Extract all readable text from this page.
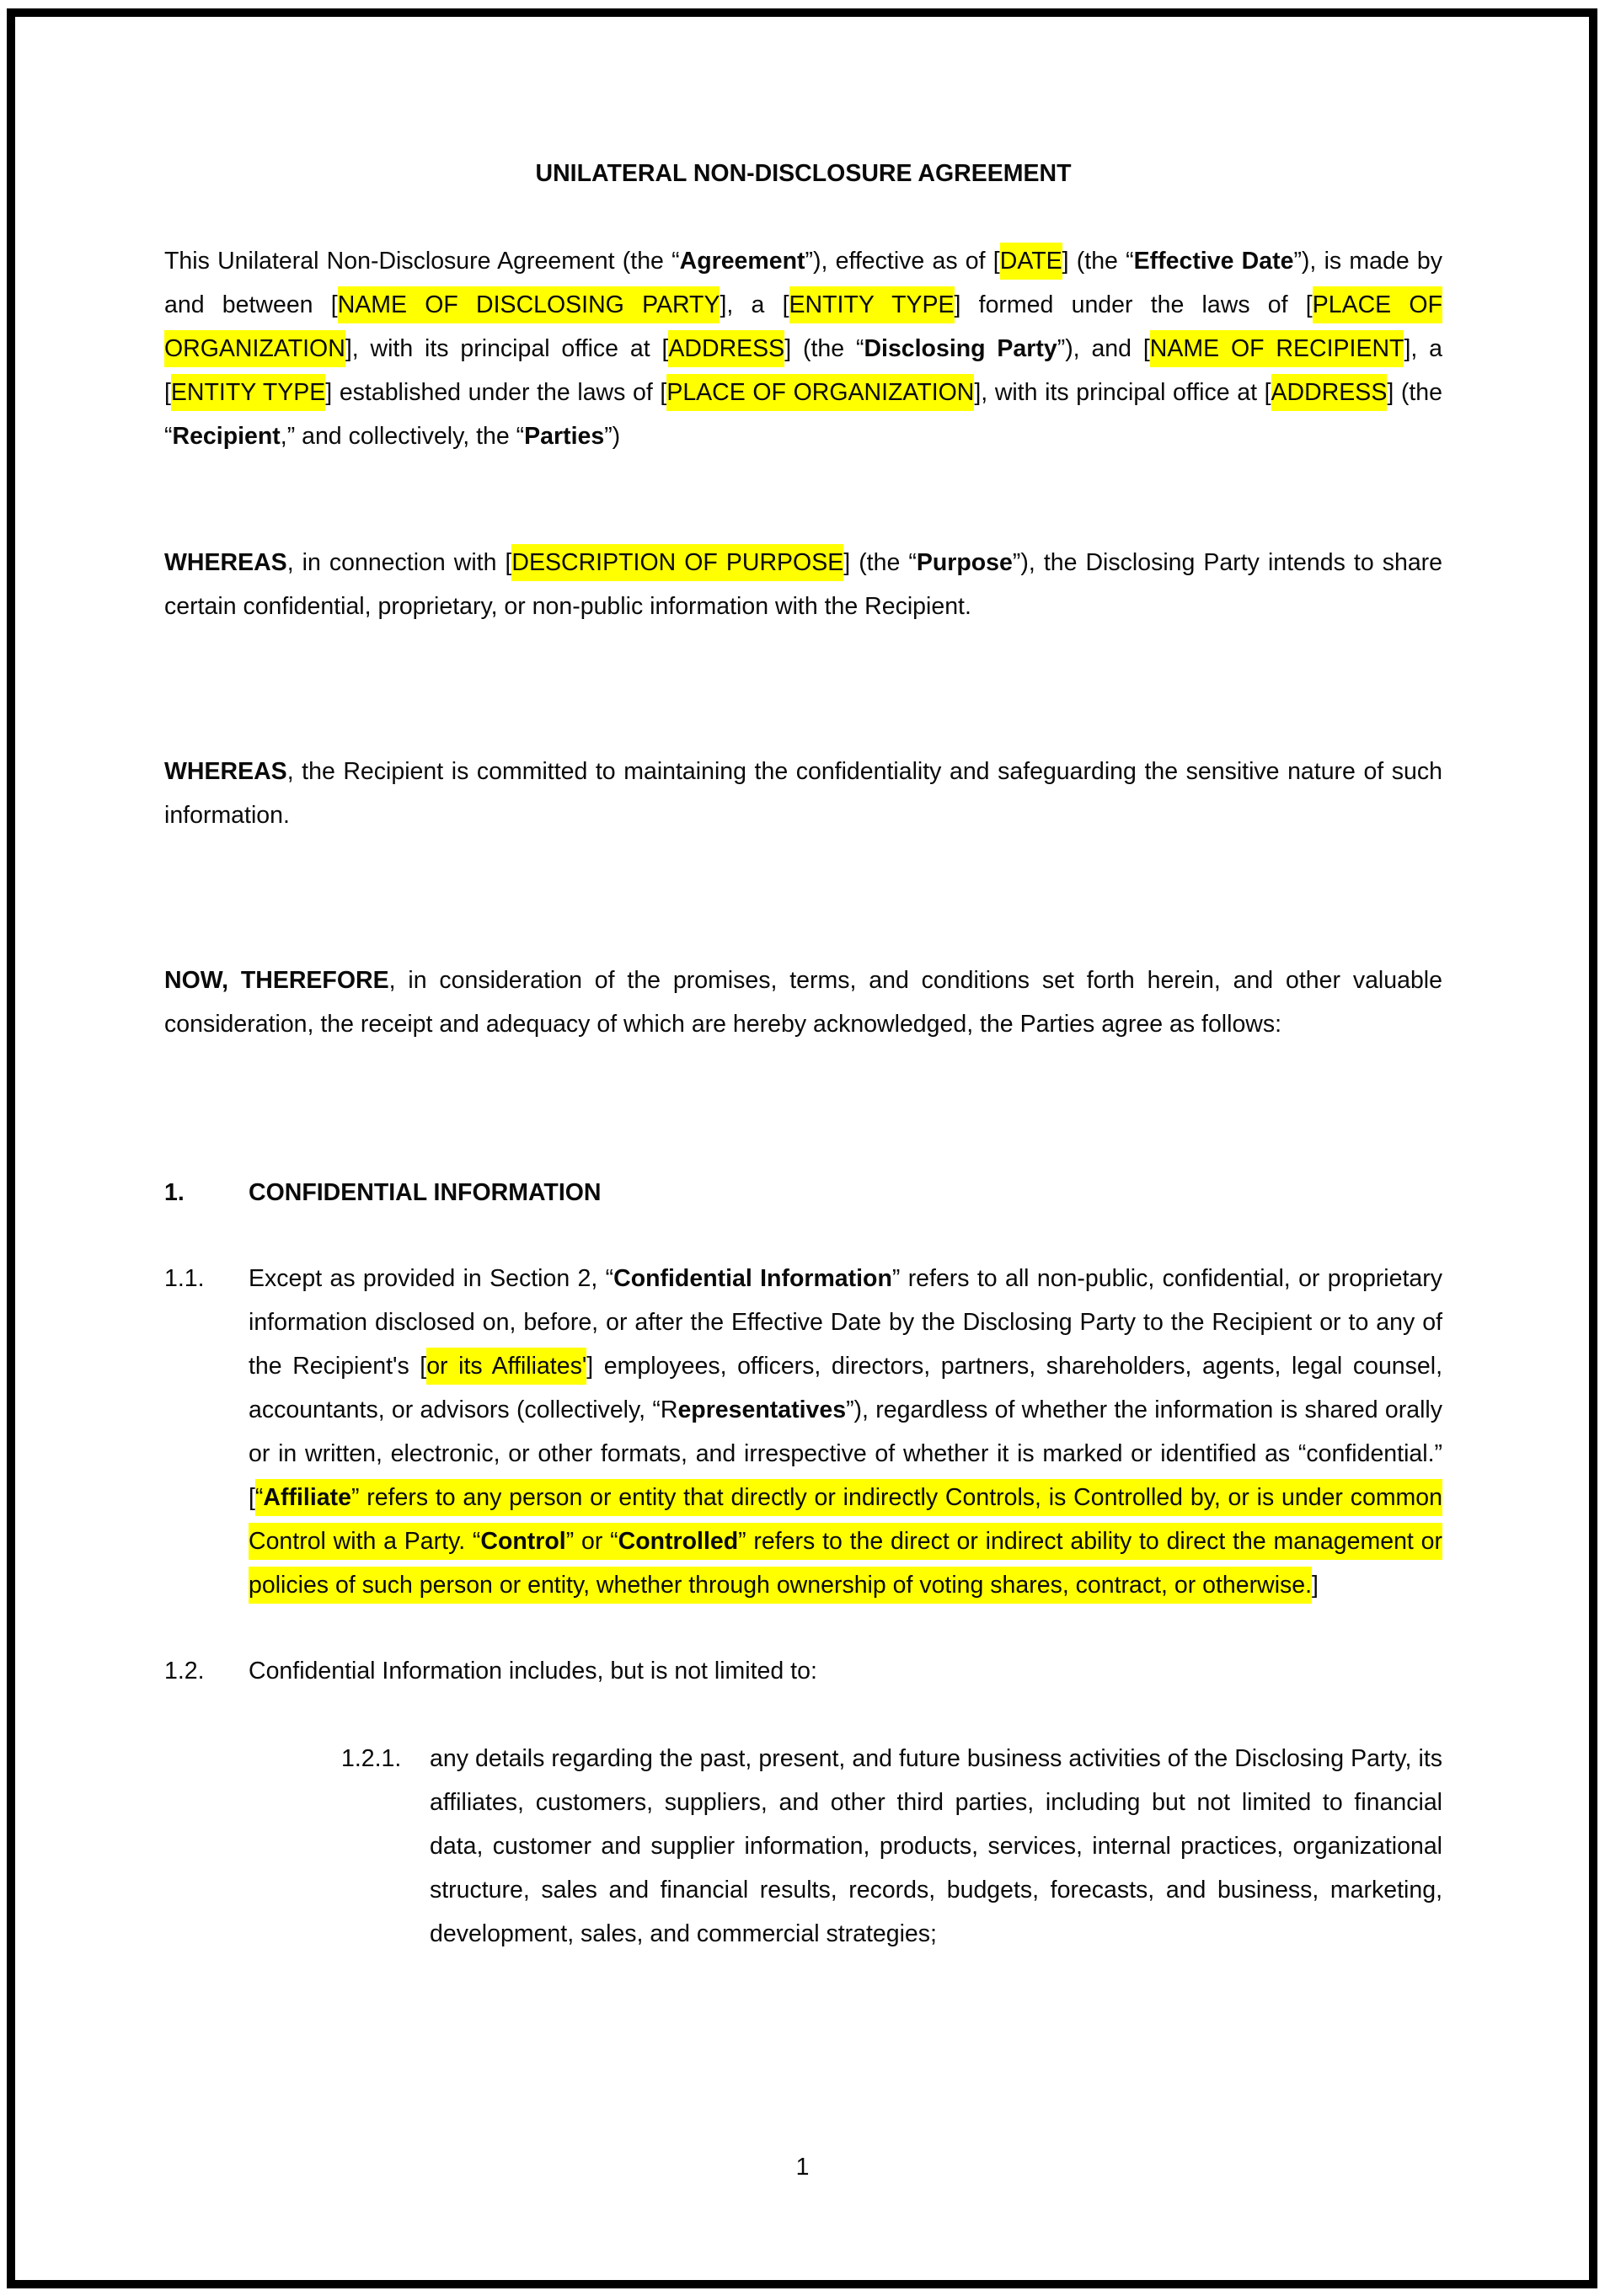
UNILATERAL NON-DISCLOSURE AGREEMENT

This Unilateral Non-Disclosure Agreement (the “Agreement”), effective as of [DATE] (the “Effective Date”), is made by and between [NAME OF DISCLOSING PARTY], a [ENTITY TYPE] formed under the laws of [PLACE OF ORGANIZATION], with its principal office at [ADDRESS] (the “Disclosing Party”), and [NAME OF RECIPIENT], a [ENTITY TYPE] established under the laws of [PLACE OF ORGANIZATION], with its principal office at [ADDRESS] (the “Recipient,” and collectively, the “Parties”)

WHEREAS, in connection with [DESCRIPTION OF PURPOSE] (the “Purpose”), the Disclosing Party intends to share certain confidential, proprietary, or non-public information with the Recipient.

WHEREAS, the Recipient is committed to maintaining the confidentiality and safeguarding the sensitive nature of such information.

NOW, THEREFORE, in consideration of the promises, terms, and conditions set forth herein, and other valuable consideration, the receipt and adequacy of which are hereby acknowledged, the Parties agree as follows:

1.	CONFIDENTIAL INFORMATION
1.1.	Except as provided in Section 2, “Confidential Information” refers to all non-public, confidential, or proprietary information disclosed on, before, or after the Effective Date by the Disclosing Party to the Recipient or to any of the Recipient's [or its Affiliates'] employees, officers, directors, partners, shareholders, agents, legal counsel, accountants, or advisors (collectively, “Representatives”), regardless of whether the information is shared orally or in written, electronic, or other formats, and irrespective of whether it is marked or identified as “confidential.” [“Affiliate” refers to any person or entity that directly or indirectly Controls, is Controlled by, or is under common Control with a Party. “Control” or “Controlled” refers to the direct or indirect ability to direct the management or policies of such person or entity, whether through ownership of voting shares, contract, or otherwise.]

1.2.	Confidential Information includes, but is not limited to:

1.2.1.	any details regarding the past, present, and future business activities of the Disclosing Party, its affiliates, customers, suppliers, and other third parties, including but not limited to financial data, customer and supplier information, products, services, internal practices, organizational structure, sales and financial results, records, budgets, forecasts, and business, marketing, development, sales, and commercial strategies;

1
